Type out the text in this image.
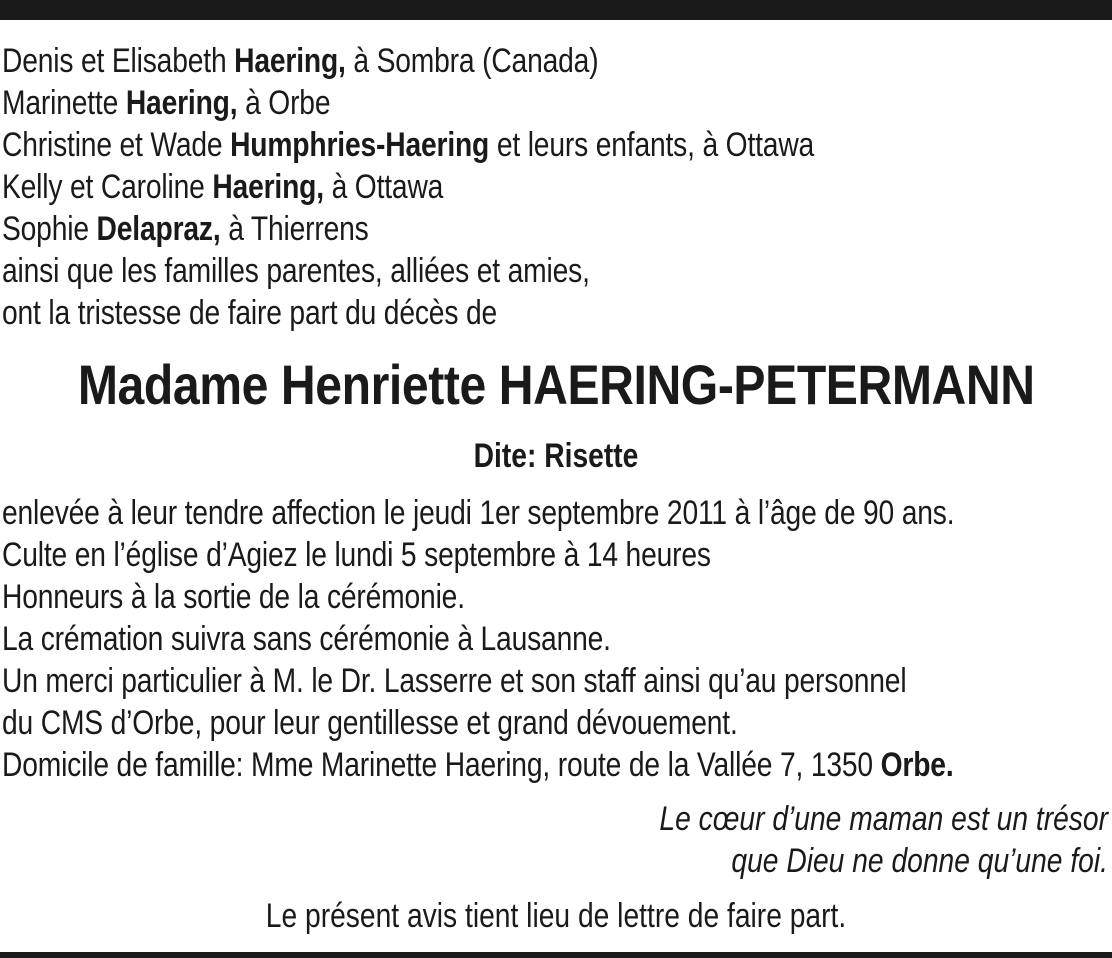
Denis et Elisabeth Haering, à Sombra (Canada)
Marinette Haering, à Orbe
Christine et Wade Humphries-Haering et leurs enfants, à Ottawa
Kelly et Caroline Haering, à Ottawa
Sophie Delapraz, à Thierrens
ainsi que les familles parentes, alliées et amies,
ont la tristesse de faire part du décès de
Madame Henriette HAERING-PETERMANN
Dite: Risette
enlevée à leur tendre affection le jeudi 1er septembre 2011 à l’âge de 90 ans.
Culte en l’église d’Agiez le lundi 5 septembre à 14 heures
Honneurs à la sortie de la cérémonie.
La crémation suivra sans cérémonie à Lausanne.
Un merci particulier à M. le Dr. Lasserre et son staff ainsi qu’au personnel
du CMS d’Orbe, pour leur gentillesse et grand dévouement.
Domicile de famille: Mme Marinette Haering, route de la Vallée 7, 1350 Orbe.
Le cœur d’une maman est un trésor
que Dieu ne donne qu’une foi.
Le présent avis tient lieu de lettre de faire part.
